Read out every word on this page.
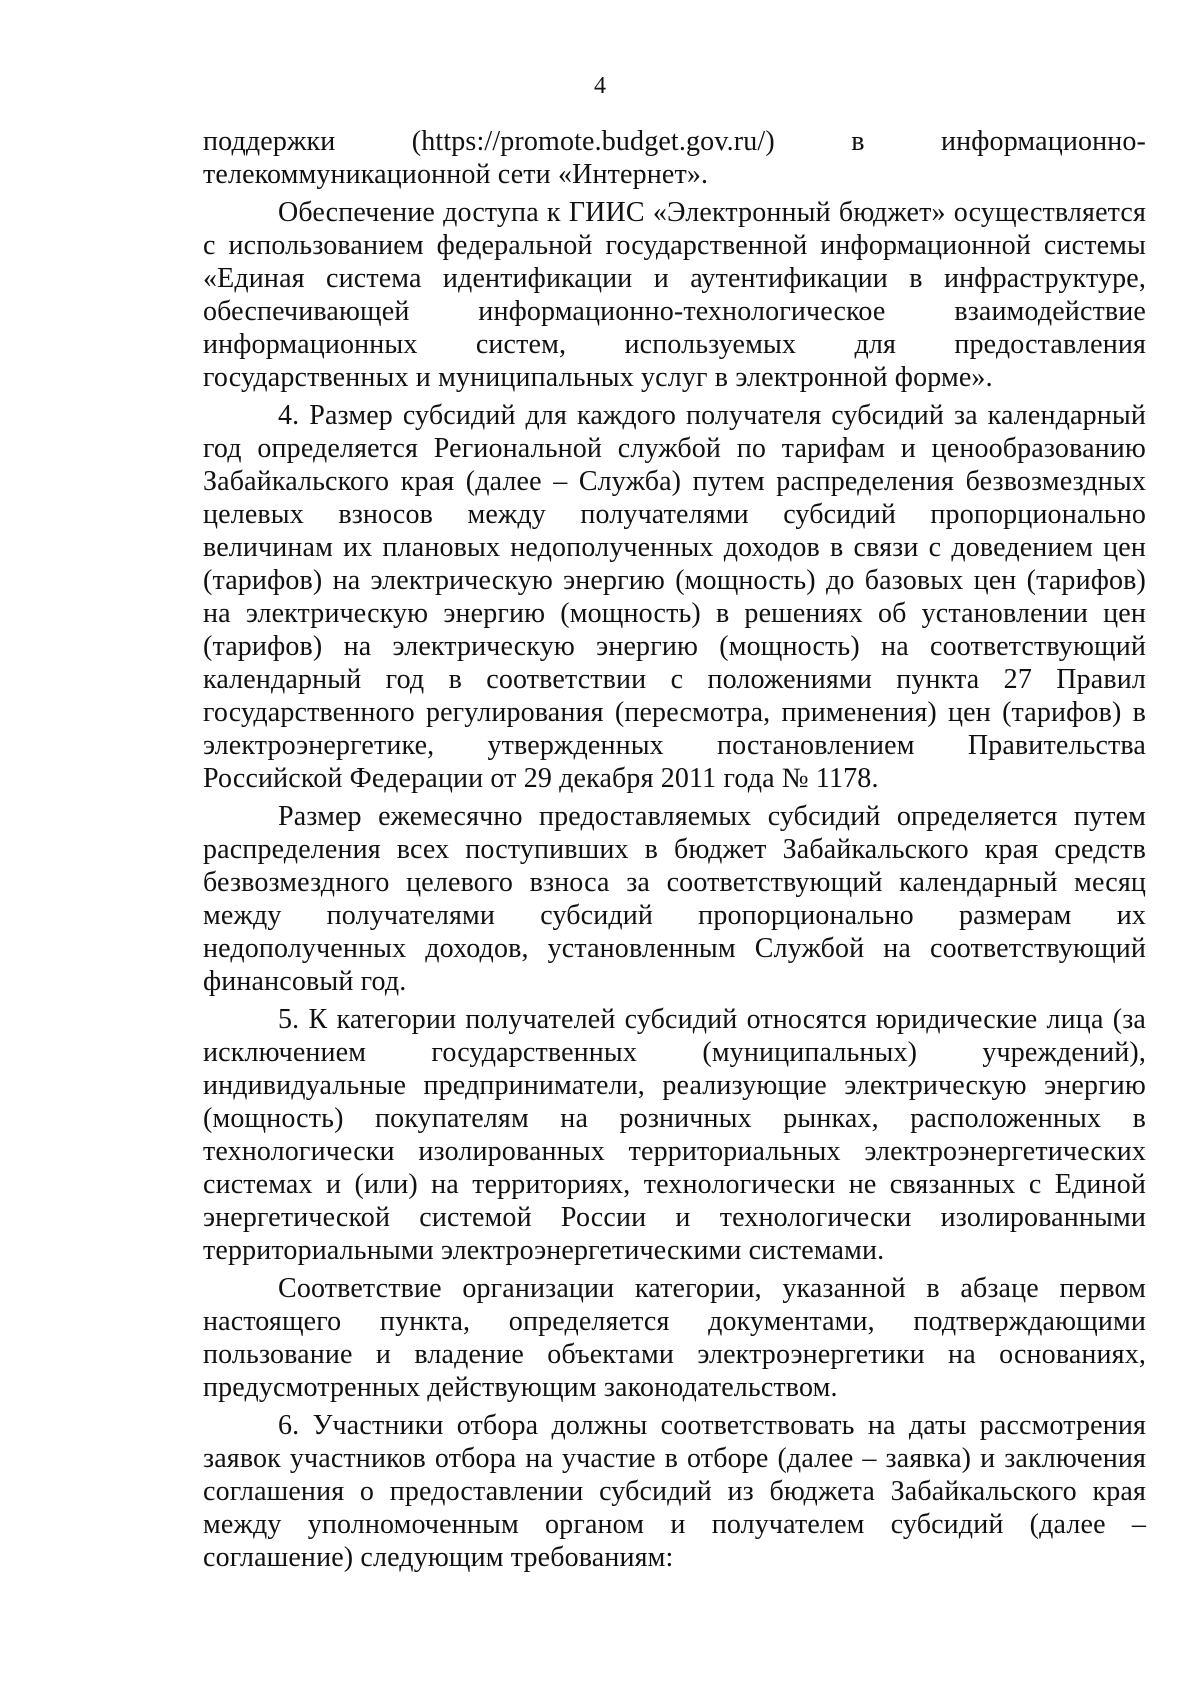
4

поддержки (https://promote.budget.gov.ru/) в информационно-телекоммуникационной сети «Интернет».

Обеспечение доступа к ГИИС «Электронный бюджет» осуществляется с использованием федеральной государственной информационной системы «Единая система идентификации и аутентификации в инфраструктуре, обеспечивающей информационно-технологическое взаимодействие информационных систем, используемых для предоставления государственных и муниципальных услуг в электронной форме».

4. Размер субсидий для каждого получателя субсидий за календарный год определяется Региональной службой по тарифам и ценообразованию Забайкальского края (далее – Служба) путем распределения безвозмездных целевых взносов между получателями субсидий пропорционально величинам их плановых недополученных доходов в связи с доведением цен (тарифов) на электрическую энергию (мощность) до базовых цен (тарифов) на электрическую энергию (мощность) в решениях об установлении цен (тарифов) на электрическую энергию (мощность) на соответствующий календарный год в соответствии с положениями пункта 27 Правил государственного регулирования (пересмотра, применения) цен (тарифов) в электроэнергетике, утвержденных постановлением Правительства Российской Федерации от 29 декабря 2011 года № 1178.

Размер ежемесячно предоставляемых субсидий определяется путем распределения всех поступивших в бюджет Забайкальского края средств безвозмездного целевого взноса за соответствующий календарный месяц между получателями субсидий пропорционально размерам их недополученных доходов, установленным Службой на соответствующий финансовый год.

5. К категории получателей субсидий относятся юридические лица (за исключением государственных (муниципальных) учреждений), индивидуальные предприниматели, реализующие электрическую энергию (мощность) покупателям на розничных рынках, расположенных в технологически изолированных территориальных электроэнергетических системах и (или) на территориях, технологически не связанных с Единой энергетической системой России и технологически изолированными территориальными электроэнергетическими системами.

Соответствие организации категории, указанной в абзаце первом настоящего пункта, определяется документами, подтверждающими пользование и владение объектами электроэнергетики на основаниях, предусмотренных действующим законодательством.

6. Участники отбора должны соответствовать на даты рассмотрения заявок участников отбора на участие в отборе (далее – заявка) и заключения соглашения о предоставлении субсидий из бюджета Забайкальского края между уполномоченным органом и получателем субсидий (далее – соглашение) следующим требованиям:
